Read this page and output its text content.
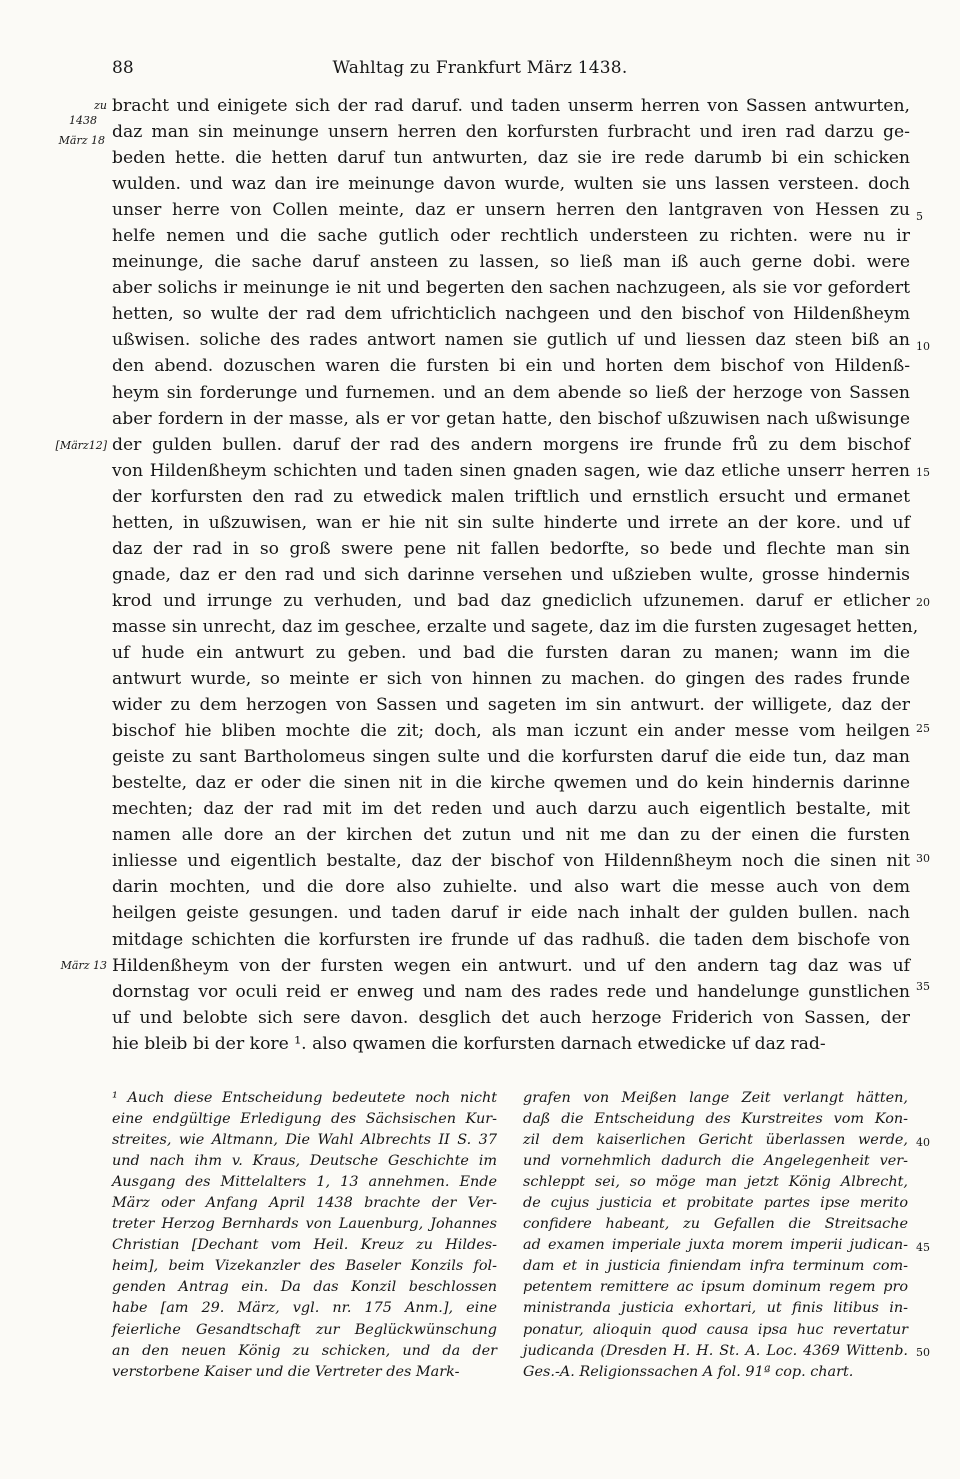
88	Wahltag zu Frankfurt März 1438.
zu
1438
März 18
[März12]
März 13
5
10
15
20
25
30
35
40
45
50
bracht und einigete sich der rad daruf. und taden unserm herren von Sassen antwurten,
daz man sin meinunge unsern herren den korfursten furbracht und iren rad darzu ge-
beden hette. die hetten daruf tun antwurten, daz sie ire rede darumb bi ein schicken
wulden. und waz dan ire meinunge davon wurde, wulten sie uns lassen versteen. doch
unser herre von Collen meinte, daz er unsern herren den lantgraven von Hessen zu
helfe nemen und die sache gutlich oder rechtlich understeen zu richten. were nu ir
meinunge, die sache daruf ansteen zu lassen, so ließ man iß auch gerne dobi. were
aber solichs ir meinunge ie nit und begerten den sachen nachzugeen, als sie vor gefordert
hetten, so wulte der rad dem ufrichticlich nachgeen und den bischof von Hildenßheym
ußwisen. soliche des rades antwort namen sie gutlich uf und liessen daz steen biß an
den abend. dozuschen waren die fursten bi ein und horten dem bischof von Hildenß-
heym sin forderunge und furnemen. und an dem abende so ließ der herzoge von Sassen
aber fordern in der masse, als er vor getan hatte, den bischof ußzuwisen nach ußwisunge
der gulden bullen. daruf der rad des andern morgens ire frunde frů zu dem bischof
von Hildenßheym schichten und taden sinen gnaden sagen, wie daz etliche unserr herren
der korfursten den rad zu etwedick malen triftlich und ernstlich ersucht und ermanet
hetten, in ußzuwisen, wan er hie nit sin sulte hinderte und irrete an der kore. und uf
daz der rad in so groß swere pene nit fallen bedorfte, so bede und flechte man sin
gnade, daz er den rad und sich darinne versehen und ußzieben wulte, grosse hindernis
krod und irrunge zu verhuden, und bad daz gnediclich ufzunemen. daruf er etlicher
masse sin unrecht, daz im geschee, erzalte und sagete, daz im die fursten zugesaget hetten,
uf hude ein antwurt zu geben. und bad die fursten daran zu manen; wann im die
antwurt wurde, so meinte er sich von hinnen zu machen. do gingen des rades frunde
wider zu dem herzogen von Sassen und sageten im sin antwurt. der willigete, daz der
bischof hie bliben mochte die zit; doch, als man iczunt ein ander messe vom heilgen
geiste zu sant Bartholomeus singen sulte und die korfursten daruf die eide tun, daz man
bestelte, daz er oder die sinen nit in die kirche qwemen und do kein hindernis darinne
mechten; daz der rad mit im det reden und auch darzu auch eigentlich bestalte, mit
namen alle dore an der kirchen det zutun und nit me dan zu der einen die fursten
inliesse und eigentlich bestalte, daz der bischof von Hildennßheym noch die sinen nit
darin mochten, und die dore also zuhielte. und also wart die messe auch von dem
heilgen geiste gesungen. und taden daruf ir eide nach inhalt der gulden bullen. nach
mitdage schichten die korfursten ire frunde uf das radhuß. die taden dem bischofe von
Hildenßheym von der fursten wegen ein antwurt. und uf den andern tag daz was uf
dornstag vor oculi reid er enweg und nam des rades rede und handelunge gunstlichen
uf und belobte sich sere davon. desglich det auch herzoge Friderich von Sassen, der
hie bleib bi der kore ¹. also qwamen die korfursten darnach etwedicke uf daz rad-
¹ Auch diese Entscheidung bedeutete noch nicht
eine endgültige Erledigung des Sächsischen Kur-
streites, wie Altmann, Die Wahl Albrechts II S. 37
und nach ihm v. Kraus, Deutsche Geschichte im
Ausgang des Mittelalters 1, 13 annehmen. Ende
März oder Anfang April 1438 brachte der Ver-
treter Herzog Bernhards von Lauenburg, Johannes
Christian [Dechant vom Heil. Kreuz zu Hildes-
heim], beim Vizekanzler des Baseler Konzils fol-
genden Antrag ein. Da das Konzil beschlossen
habe [am 29. März, vgl. nr. 175 Anm.], eine
feierliche Gesandtschaft zur Beglückwünschung
an den neuen König zu schicken, und da der
verstorbene Kaiser und die Vertreter des Mark-
grafen von Meißen lange Zeit verlangt hätten,
daß die Entscheidung des Kurstreites vom Kon-
zil dem kaiserlichen Gericht überlassen werde,
und vornehmlich dadurch die Angelegenheit ver-
schleppt sei, so möge man jetzt König Albrecht,
de cujus justicia et probitate partes ipse merito
confidere habeant, zu Gefallen die Streitsache
ad examen imperiale juxta morem imperii judican-
dam et in justicia finiendam infra terminum com-
petentem remittere ac ipsum dominum regem pro
ministranda justicia exhortari, ut finis litibus in-
ponatur, alioquin quod causa ipsa huc revertatur
judicanda (Dresden H. H. St. A. Loc. 4369 Wittenb.
Ges.-A. Religionssachen A fol. 91ª cop. chart.
